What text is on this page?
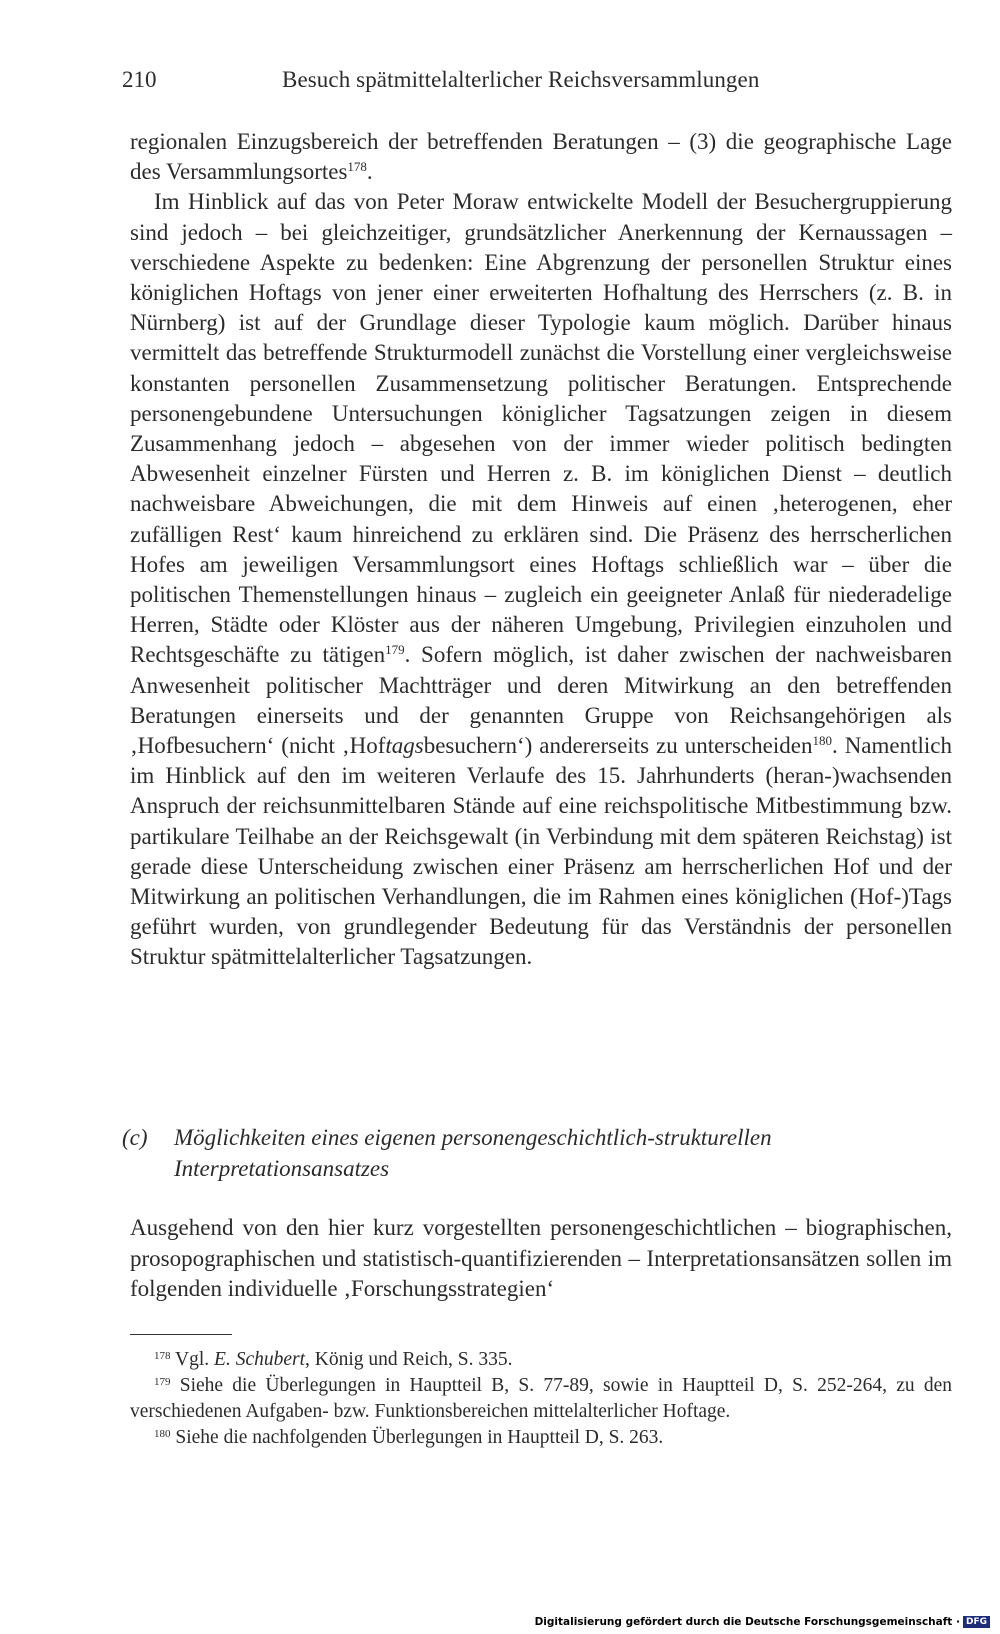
210	Besuch spätmittelalterlicher Reichsversammlungen

regionalen Einzugsbereich der betreffenden Beratungen – (3) die geographische Lage des Versammlungsortes$^{178}$.

Im Hinblick auf das von Peter Moraw entwickelte Modell der Besuchergruppierung sind jedoch – bei gleichzeitiger, grundsätzlicher Anerkennung der Kernaussagen – verschiedene Aspekte zu bedenken: Eine Abgrenzung der personellen Struktur eines königlichen Hoftags von jener einer erweiterten Hofhaltung des Herrschers (z. B. in Nürnberg) ist auf der Grundlage dieser Typologie kaum möglich. Darüber hinaus vermittelt das betreffende Strukturmodell zunächst die Vorstellung einer vergleichsweise konstanten personellen Zusammensetzung politischer Beratungen. Entsprechende personengebundene Untersuchungen königlicher Tagsatzungen zeigen in diesem Zusammenhang jedoch – abgesehen von der immer wieder politisch bedingten Abwesenheit einzelner Fürsten und Herren z. B. im königlichen Dienst – deutlich nachweisbare Abweichungen, die mit dem Hinweis auf einen ‚heterogenen, eher zufälligen Rest‘ kaum hinreichend zu erklären sind. Die Präsenz des herrscherlichen Hofes am jeweiligen Versammlungsort eines Hoftags schließlich war – über die politischen Themenstellungen hinaus – zugleich ein geeigneter Anlaß für niederadelige Herren, Städte oder Klöster aus der näheren Umgebung, Privilegien einzuholen und Rechtsgeschäfte zu tätigen$^{179}$. Sofern möglich, ist daher zwischen der nachweisbaren Anwesenheit politischer Machtträger und deren Mitwirkung an den betreffenden Beratungen einerseits und der genannten Gruppe von Reichsangehörigen als ‚Hofbesuchern‘ (nicht ‚Hoftagsbesuchern‘) andererseits zu unterscheiden$^{180}$. Namentlich im Hinblick auf den im weiteren Verlaufe des 15. Jahrhunderts (heran-)wachsenden Anspruch der reichsunmittelbaren Stände auf eine reichspolitische Mitbestimmung bzw. partikulare Teilhabe an der Reichsgewalt (in Verbindung mit dem späteren Reichstag) ist gerade diese Unterscheidung zwischen einer Präsenz am herrscherlichen Hof und der Mitwirkung an politischen Verhandlungen, die im Rahmen eines königlichen (Hof-)Tags geführt wurden, von grundlegender Bedeutung für das Verständnis der personellen Struktur spätmittelalterlicher Tagsatzungen.

(c) Möglichkeiten eines eigenen personengeschichtlich-strukturellen
Interpretationsansatzes

Ausgehend von den hier kurz vorgestellten personengeschichtlichen – biographischen, prosopographischen und statistisch-quantifizierenden – Interpretationsansätzen sollen im folgenden individuelle ‚Forschungsstrategien‘

$^{178}$ Vgl. E. Schubert, König und Reich, S. 335.

$^{179}$ Siehe die Überlegungen in Hauptteil B, S. 77-89, sowie in Hauptteil D, S. 252-264, zu den verschiedenen Aufgaben- bzw. Funktionsbereichen mittelalterlicher Hoftage.

$^{180}$ Siehe die nachfolgenden Überlegungen in Hauptteil D, S. 263.

Digitalisierung gefördert durch die Deutsche Forschungsgemeinschaft · DFG
